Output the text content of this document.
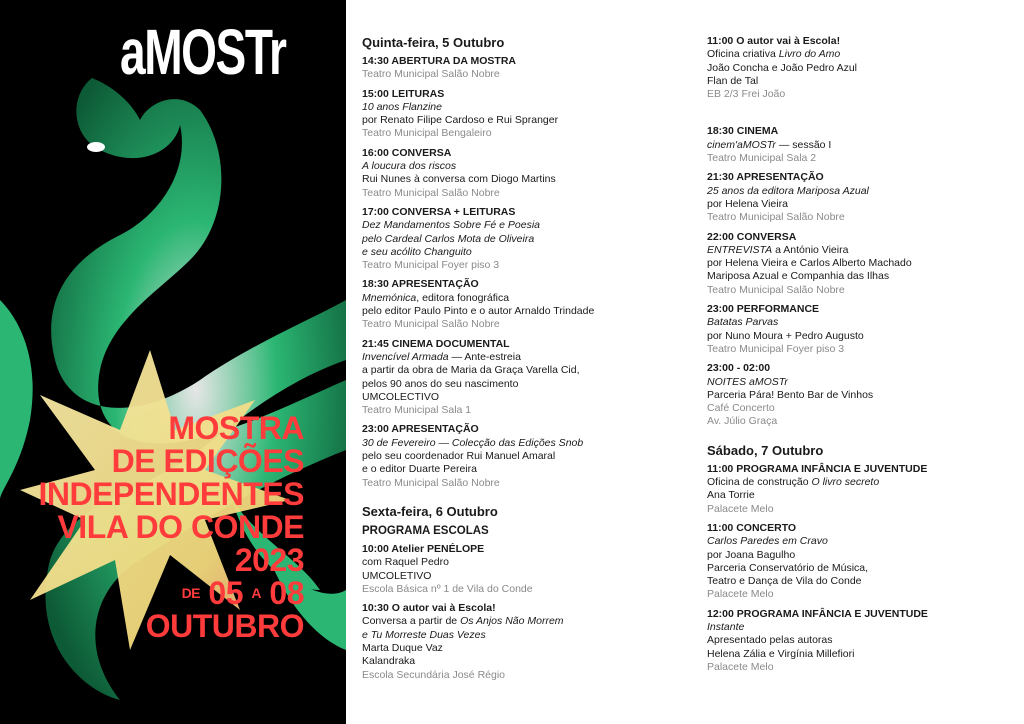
aMOSTr
MOSTRA
DE EDIÇÕES
INDEPENDENTES
VILA DO CONDE
2023
DE 05 A 08
OUTUBRO
Quinta-feira, 5 Outubro
14:30 ABERTURA DA MOSTRA
Teatro Municipal Salão Nobre
15:00 LEITURAS
10 anos Flanzine
por Renato Filipe Cardoso e Rui Spranger
Teatro Municipal Bengaleiro
16:00 CONVERSA
A loucura dos riscos
Rui Nunes à conversa com Diogo Martins
Teatro Municipal Salão Nobre
17:00 CONVERSA + LEITURAS
Dez Mandamentos Sobre Fé e Poesia
pelo Cardeal Carlos Mota de Oliveira
e seu acólito Changuito
Teatro Municipal Foyer piso 3
18:30 APRESENTAÇÃO
Mnemónica, editora fonográfica
pelo editor Paulo Pinto e o autor Arnaldo Trindade
Teatro Municipal Salão Nobre
21:45 CINEMA DOCUMENTAL
Invencível Armada — Ante-estreia
a partir da obra de Maria da Graça Varella Cid,
pelos 90 anos do seu nascimento
UMCOLECTIVO
Teatro Municipal Sala 1
23:00 APRESENTAÇÃO
30 de Fevereiro — Colecção das Edições Snob
pelo seu coordenador Rui Manuel Amaral
e o editor Duarte Pereira
Teatro Municipal Salão Nobre
Sexta-feira, 6 Outubro
PROGRAMA ESCOLAS
10:00 Atelier PENÉLOPE
com Raquel Pedro
UMCOLETIVO
Escola Básica nº 1 de Vila do Conde
10:30 O autor vai à Escola!
Conversa a partir de Os Anjos Não Morrem
e Tu Morreste Duas Vezes
Marta Duque Vaz
Kalandraka
Escola Secundária José Régio
11:00 O autor vai à Escola!
Oficina criativa Livro do Amo
João Concha e João Pedro Azul
Flan de Tal
EB 2/3 Frei João
18:30 CINEMA
cinem'aMOSTr — sessão I
Teatro Municipal Sala 2
21:30 APRESENTAÇÃO
25 anos da editora Mariposa Azual
por Helena Vieira
Teatro Municipal Salão Nobre
22:00 CONVERSA
ENTREVISTA a António Vieira
por Helena Vieira e Carlos Alberto Machado
Mariposa Azual e Companhia das Ilhas
Teatro Municipal Salão Nobre
23:00 PERFORMANCE
Batatas Parvas
por Nuno Moura + Pedro Augusto
Teatro Municipal Foyer piso 3
23:00 - 02:00
NOITES aMOSTr
Parceria Pára! Bento Bar de Vinhos
Café Concerto
Av. Júlio Graça
Sábado, 7 Outubro
11:00 PROGRAMA INFÂNCIA E JUVENTUDE
Oficina de construção O livro secreto
Ana Torrie
Palacete Melo
11:00 CONCERTO
Carlos Paredes em Cravo
por Joana Bagulho
Parceria Conservatório de Música,
Teatro e Dança de Vila do Conde
Palacete Melo
12:00 PROGRAMA INFÂNCIA E JUVENTUDE
Instante
Apresentado pelas autoras
Helena Zália e Virgínia Millefiori
Palacete Melo
